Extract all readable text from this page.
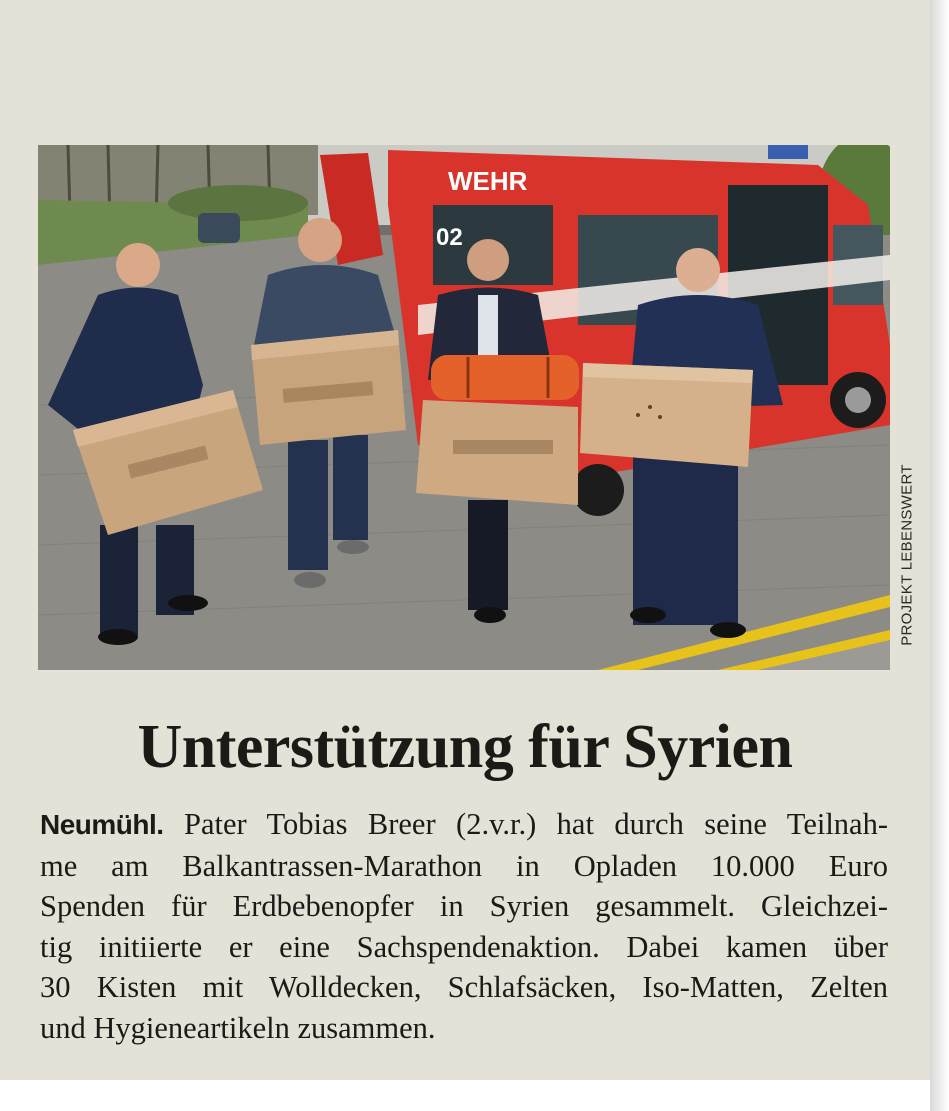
WEHR
02
PROJEKT LEBENSWERT
Unterstützung für Syrien
Neumühl. Pater Tobias Breer (2.v.r.) hat durch seine Teilnah-
me am Balkantrassen-Marathon in Opladen 10.000 Euro
Spenden für Erdbebenopfer in Syrien gesammelt. Gleichzei-
tig initiierte er eine Sachspendenaktion. Dabei kamen über
30 Kisten mit Wolldecken, Schlafsäcken, Iso-Matten, Zelten
und Hygieneartikeln zusammen.
